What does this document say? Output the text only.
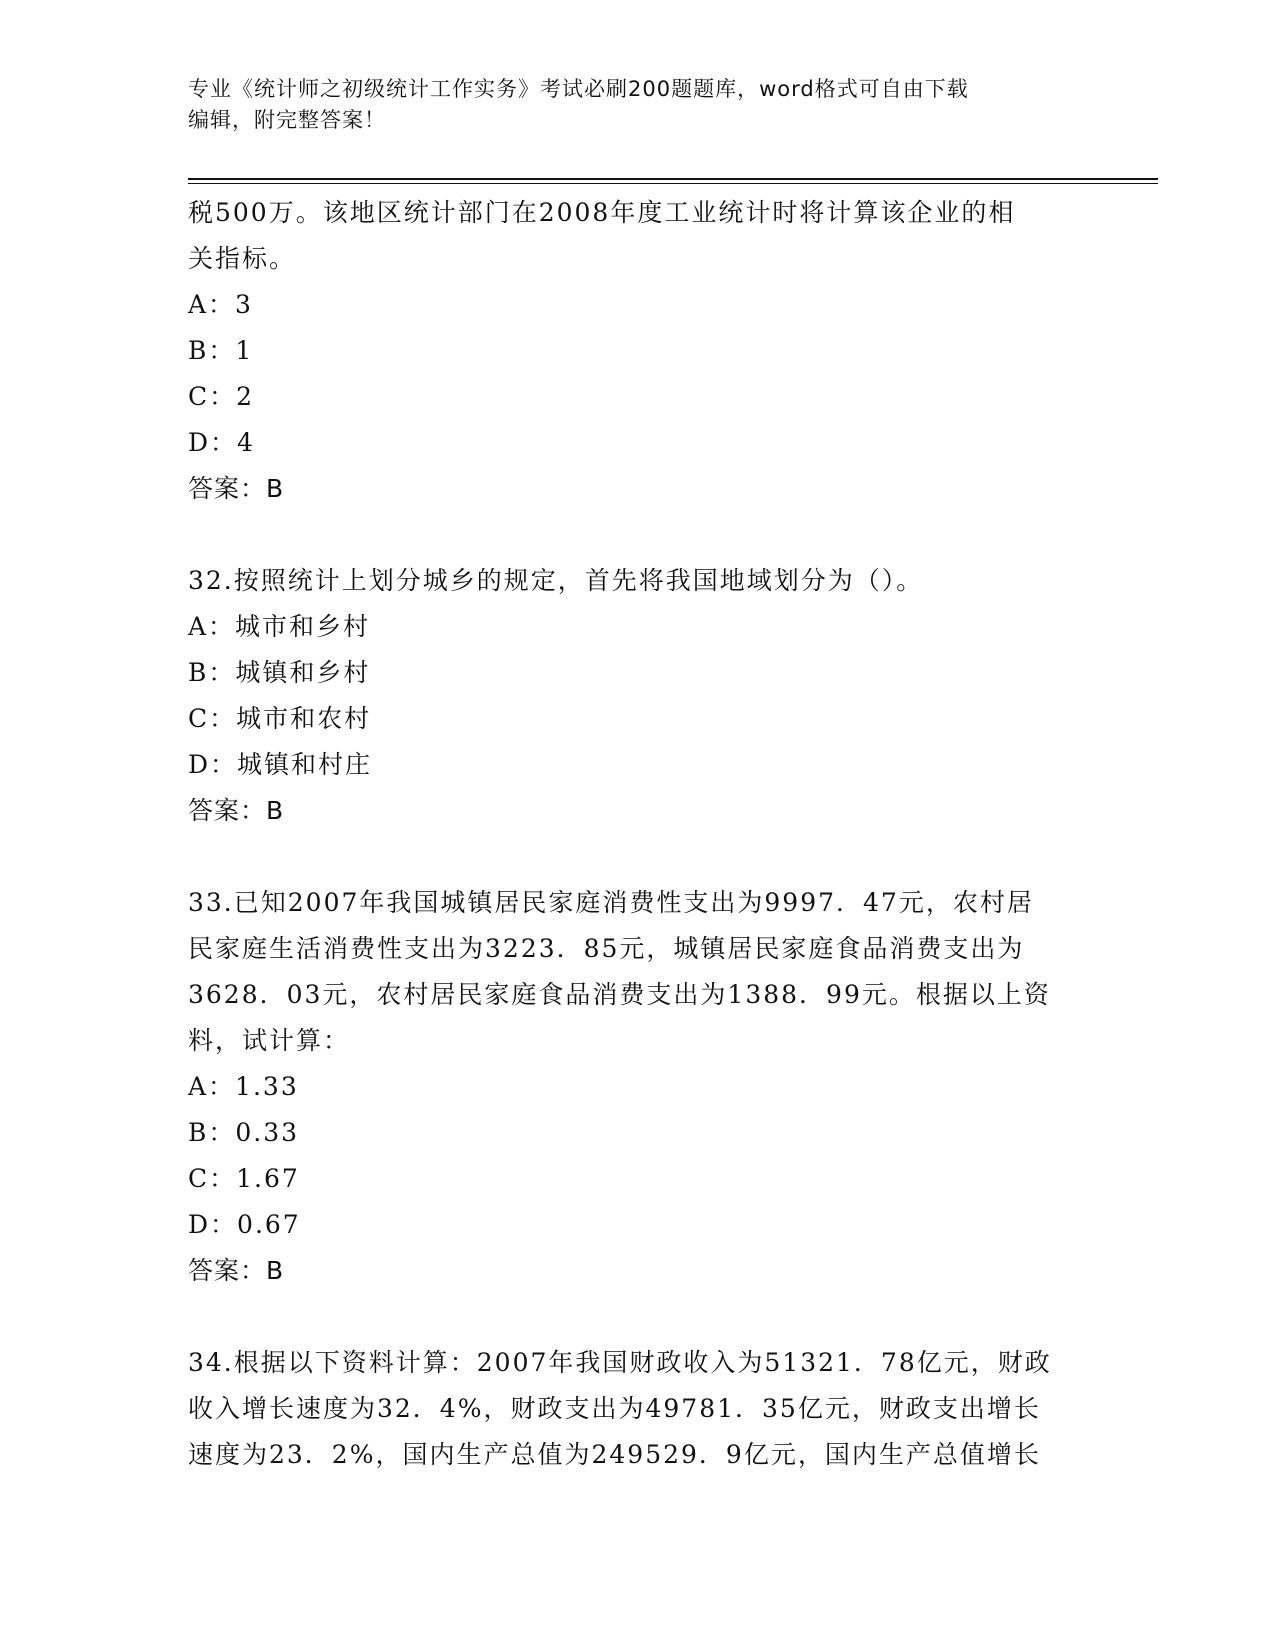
专业《统计师之初级统计工作实务》考试必刷200题题库，word格式可自由下载
编辑，附完整答案！

税500万。该地区统计部门在2008年度工业统计时将计算该企业的相

关指标。

A：3

B：1

C：2

D：4

答案：B

32.按照统计上划分城乡的规定，首先将我国地域划分为（）。

A：城市和乡村

B：城镇和乡村

C：城市和农村

D：城镇和村庄

答案：B

33.已知2007年我国城镇居民家庭消费性支出为9997．47元，农村居

民家庭生活消费性支出为3223．85元，城镇居民家庭食品消费支出为

3628．03元，农村居民家庭食品消费支出为1388．99元。根据以上资

料，试计算：

A：1.33

B：0.33

C：1.67

D：0.67

答案：B

34.根据以下资料计算：2007年我国财政收入为51321．78亿元，财政

收入增长速度为32．4%，财政支出为49781．35亿元，财政支出增长

速度为23．2%，国内生产总值为249529．9亿元，国内生产总值增长
